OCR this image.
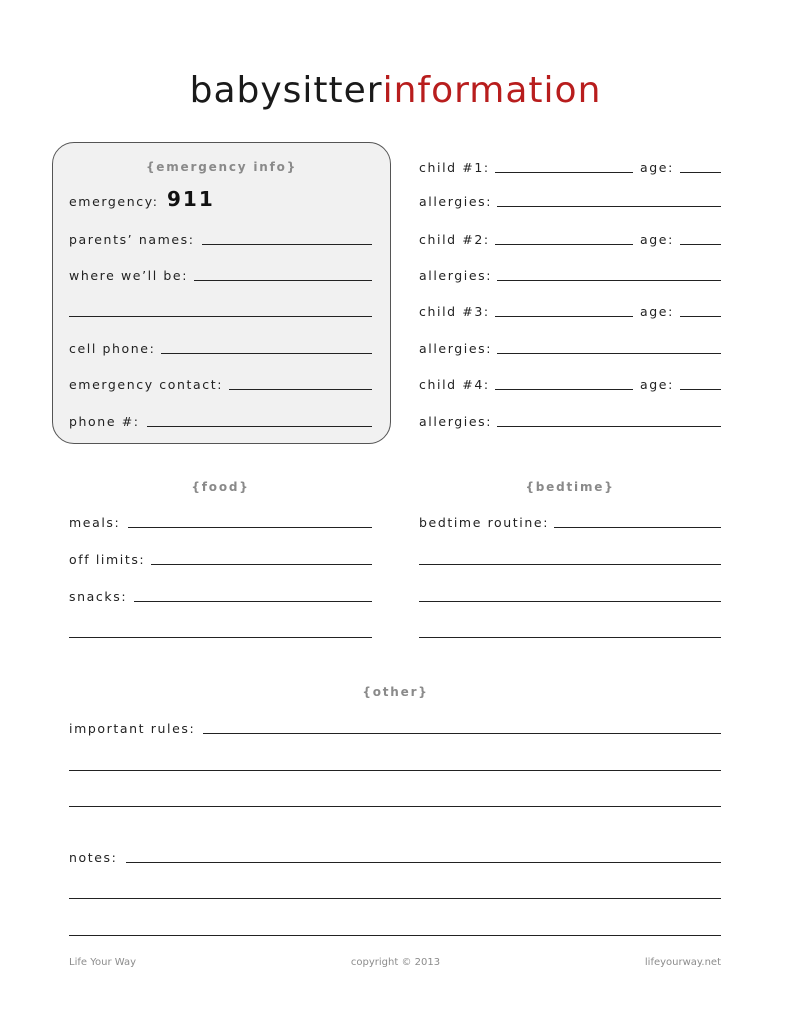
babysitterinformation
{emergency info}
emergency: 911
parents’ names:
where we’ll be:
cell phone:
emergency contact:
phone #:
child #1:	age:
allergies:
child #2:	age:
allergies:
child #3:	age:
allergies:
child #4:	age:
allergies:
{food}
meals:
off limits:
snacks:
{bedtime}
bedtime routine:
{other}
important rules:
notes:
Life Your Way	copyright © 2013	lifeyourway.net
